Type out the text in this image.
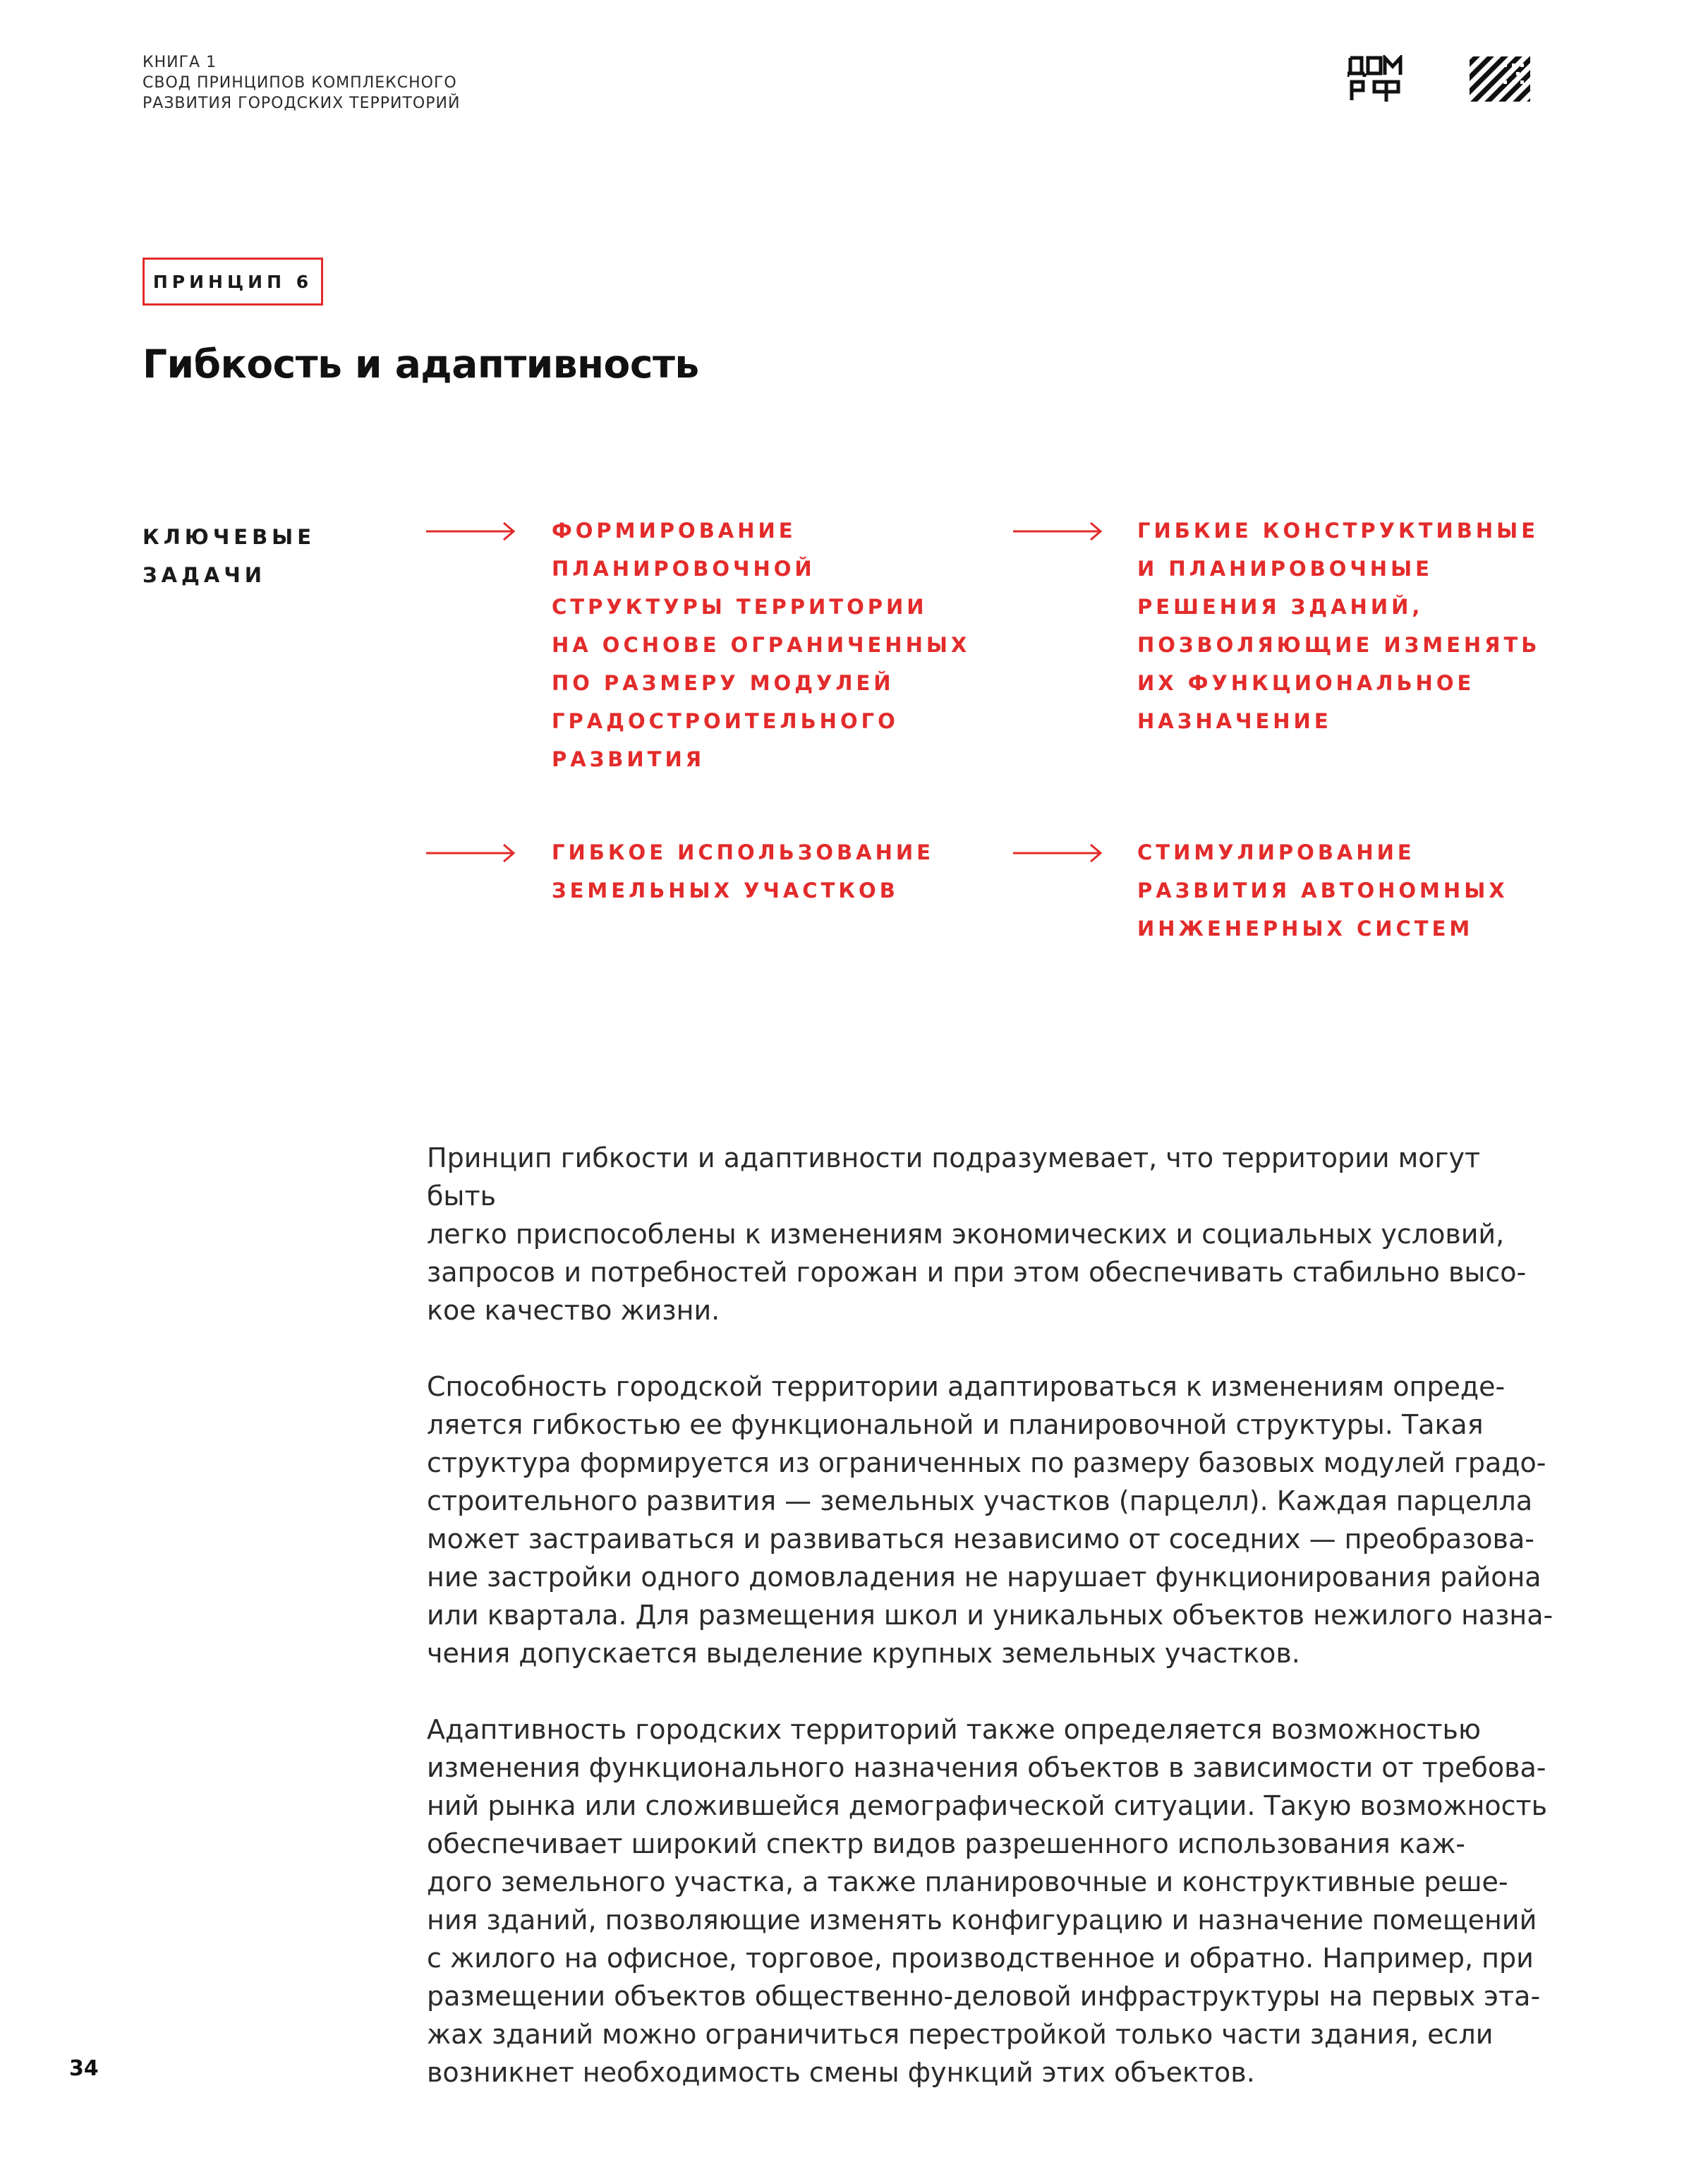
КНИГА 1
СВОД ПРИНЦИПОВ КОМПЛЕКСНОГО
РАЗВИТИЯ ГОРОДСКИХ ТЕРРИТОРИЙ
ПРИНЦИП 6
Гибкость и адаптивность
КЛЮЧЕВЫЕ
ЗАДАЧИ
ФОРМИРОВАНИЕ
ПЛАНИРОВОЧНОЙ
СТРУКТУРЫ ТЕРРИТОРИИ
НА ОСНОВЕ ОГРАНИЧЕННЫХ
ПО РАЗМЕРУ МОДУЛЕЙ
ГРАДОСТРОИТЕЛЬНОГО
РАЗВИТИЯ
ГИБКИЕ КОНСТРУКТИВНЫЕ
И ПЛАНИРОВОЧНЫЕ
РЕШЕНИЯ ЗДАНИЙ,
ПОЗВОЛЯЮЩИЕ ИЗМЕНЯТЬ
ИХ ФУНКЦИОНАЛЬНОЕ
НАЗНАЧЕНИЕ
ГИБКОЕ ИСПОЛЬЗОВАНИЕ
ЗЕМЕЛЬНЫХ УЧАСТКОВ
СТИМУЛИРОВАНИЕ
РАЗВИТИЯ АВТОНОМНЫХ
ИНЖЕНЕРНЫХ СИСТЕМ

Принцип гибкости и адаптивности подразумевает, что территории могут быть
легко приспособлены к изменениям экономических и социальных условий,
запросов и потребностей горожан и при этом обеспечивать стабильно высо-
кое качество жизни.

Способность городской территории адаптироваться к изменениям опреде-
ляется гибкостью ее функциональной и планировочной структуры. Такая
структура формируется из ограниченных по размеру базовых модулей градо-
строительного развития — земельных участков (парцелл). Каждая парцелла
может застраиваться и развиваться независимо от соседних — преобразова-
ние застройки одного домовладения не нарушает функционирования района
или квартала. Для размещения школ и уникальных объектов нежилого назна-
чения допускается выделение крупных земельных участков.

Адаптивность городских территорий также определяется возможностью
изменения функционального назначения объектов в зависимости от требова-
ний рынка или сложившейся демографической ситуации. Такую возможность
обеспечивает широкий спектр видов разрешенного использования каж-
дого земельного участка, а также планировочные и конструктивные реше-
ния зданий, позволяющие изменять конфигурацию и назначение помещений
с жилого на офисное, торговое, производственное и обратно. Например, при
размещении объектов общественно-деловой инфраструктуры на первых эта-
жах зданий можно ограничиться перестройкой только части здания, если
возникнет необходимость смены функций этих объектов.

34
